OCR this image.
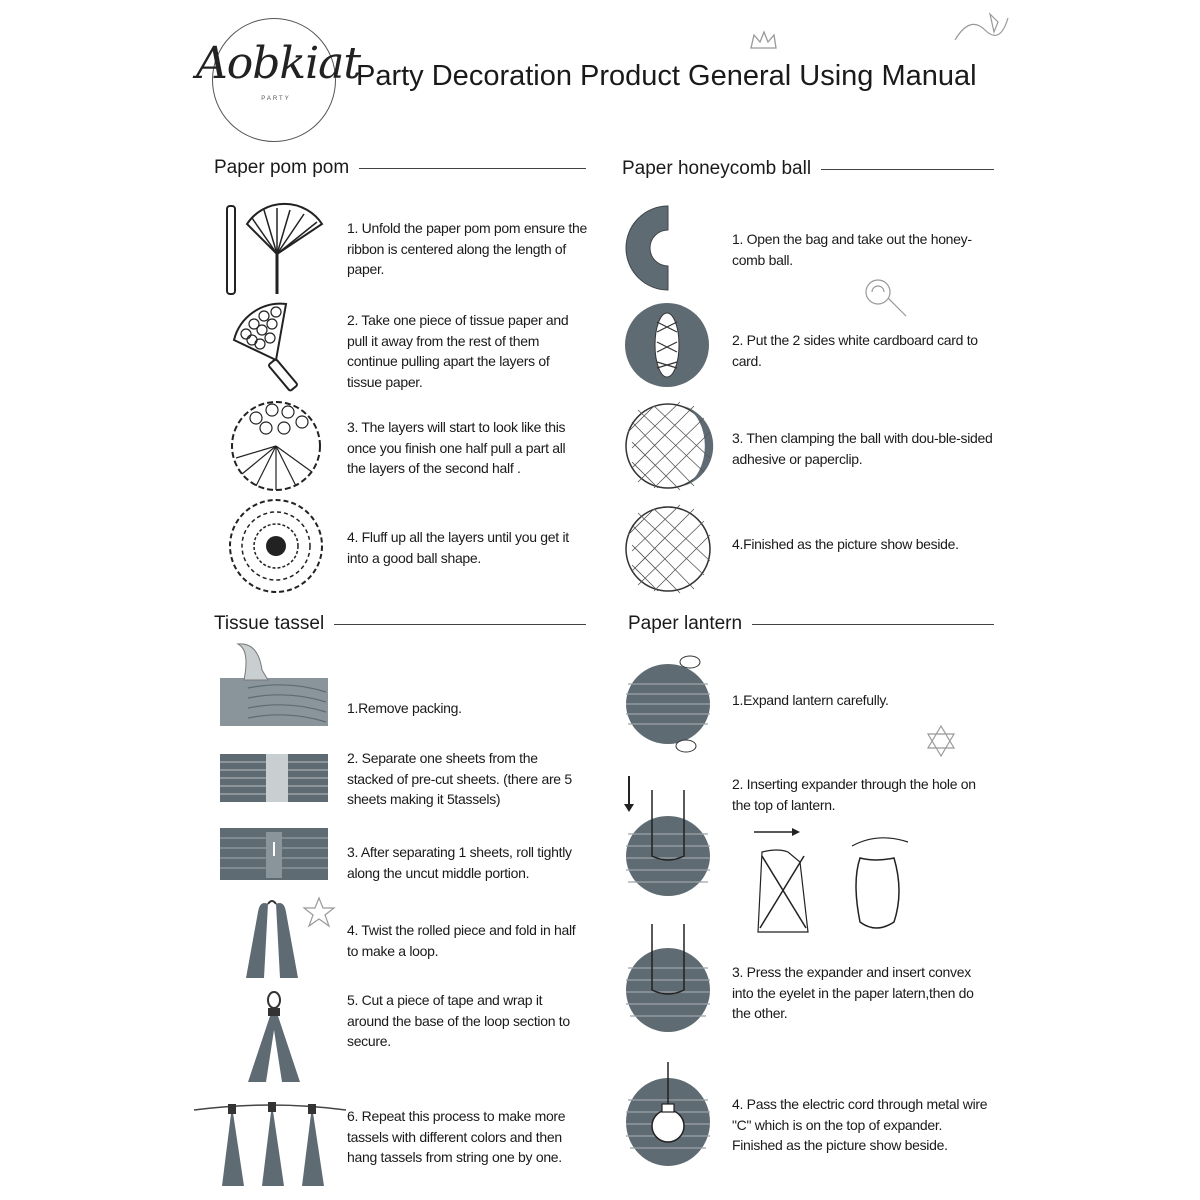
Aobkiat
PARTY
Party Decoration Product General Using Manual
Paper pom pom	Paper honeycomb ball
Tissue tassel	Paper lantern
1. Unfold the paper pom pom ensure the ribbon is centered along the length of paper.
2. Take one piece of tissue paper and pull it away from the rest of them continue pulling apart the layers of tissue paper.
3. The layers will start to look like this once you finish one half pull a part all the layers of the second half .
4. Fluff up all the layers until you get it into a good ball shape.
1. Open the bag and take out the honey-comb ball.
2. Put the 2 sides white cardboard card to card.
3. Then clamping the ball with dou-ble-sided adhesive or paperclip.
4.Finished as the picture show beside.
1.Remove packing.
2. Separate one sheets from the stacked of pre-cut sheets. (there are 5 sheets making it 5tassels)
3. After separating 1 sheets, roll tightly along the uncut middle portion.
4. Twist the rolled piece and fold in half to make a loop.
5. Cut a piece of tape and wrap it around the base of the loop section to secure.
6. Repeat this process to make more tassels with different colors and then hang tassels from string one by one.
1.Expand lantern carefully.
2. Inserting expander through the hole on the top of lantern.
3. Press the expander and insert convex into the eyelet in the paper latern,then do the other.
4. Pass the electric cord through metal wire "C" which is on the top of expander. Finished as the picture show beside.
